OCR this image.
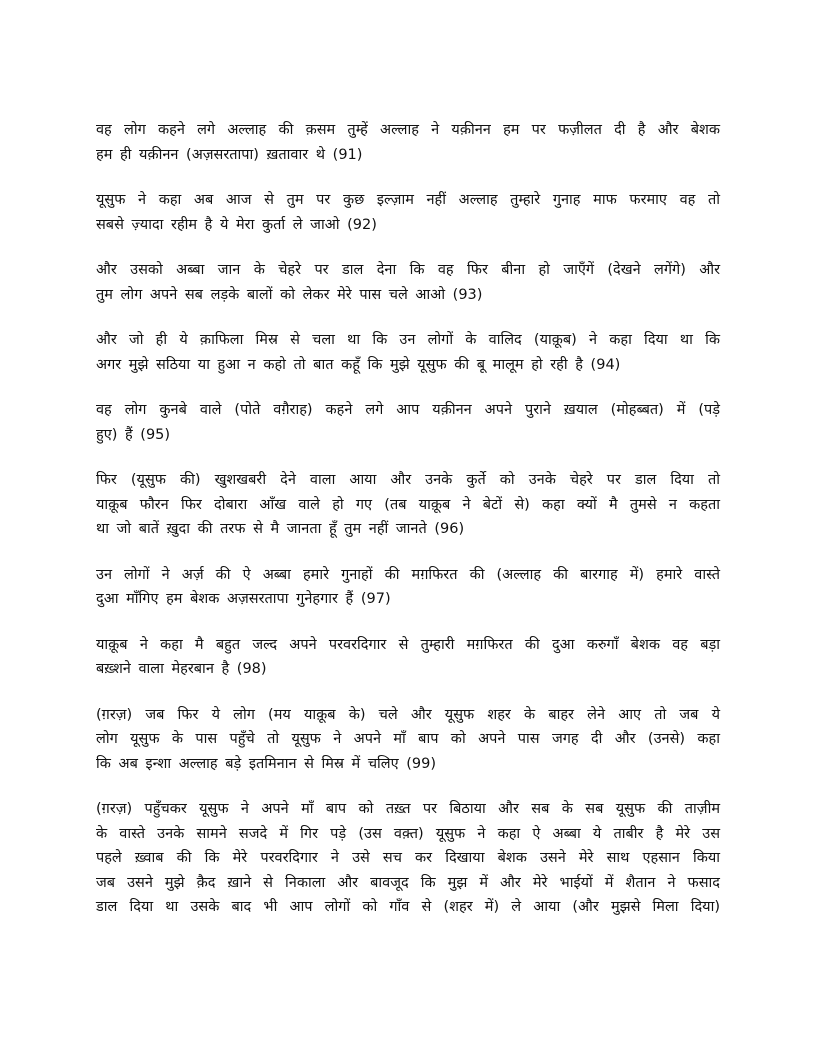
वह लोग कहने लगे अल्लाह की क़सम तुम्हें अल्लाह ने यक़ीनन हम पर फज़ीलत दी है और बेशक
हम ही यक़ीनन (अज़सरतापा) ख़तावार थे (91)

यूसुफ ने कहा अब आज से तुम पर कुछ इल्ज़ाम नहीं अल्लाह तुम्हारे गुनाह माफ फरमाए वह तो
सबसे ज़्यादा रहीम है ये मेरा कुर्ता ले जाओ (92)

और उसको अब्बा जान के चेहरे पर डाल देना कि वह फिर बीना हो जाएँगें (देखने लगेंगे) और
तुम लोग अपने सब लड़के बालों को लेकर मेरे पास चले आओ (93)

और जो ही ये क़ाफिला मिस्र से चला था कि उन लोगों के वालिद (याक़ूब) ने कहा दिया था कि
अगर मुझे सठिया या हुआ न कहो तो बात कहूँ कि मुझे यूसुफ की बू मालूम हो रही है (94)

वह लोग कुनबे वाले (पोते वग़ैराह) कहने लगे आप यक़ीनन अपने पुराने ख़याल (मोहब्बत) में (पड़े
हुए) हैं (95)

फिर (यूसुफ की) खुशखबरी देने वाला आया और उनके कुर्ते को उनके चेहरे पर डाल दिया तो
याक़ूब फौरन फिर दोबारा आँख वाले हो गए (तब याक़ूब ने बेटों से) कहा क्यों मै तुमसे न कहता
था जो बातें ख़ुदा की तरफ से मै जानता हूँ तुम नहीं जानते (96)

उन लोगों ने अर्ज़ की ऐ अब्बा हमारे गुनाहों की मग़फिरत की (अल्लाह की बारगाह में) हमारे वास्ते
दुआ माँगिए हम बेशक अज़सरतापा गुनेहगार हैं (97)

याक़ूब ने कहा मै बहुत जल्द अपने परवरदिगार से तुम्हारी मग़फिरत की दुआ करुगाँ बेशक वह बड़ा
बख़्शने वाला मेहरबान है (98)

(ग़रज़) जब फिर ये लोग (मय याक़ूब के) चले और यूसुफ शहर के बाहर लेने आए तो जब ये
लोग यूसुफ के पास पहुँचे तो यूसुफ ने अपने माँ बाप को अपने पास जगह दी और (उनसे) कहा
कि अब इन्शा अल्लाह बड़े इतमिनान से मिस्र में चलिए (99)

(ग़रज़) पहुँचकर यूसुफ ने अपने माँ बाप को तख़्त पर बिठाया और सब के सब यूसुफ की ताज़ीम
के वास्ते उनके सामने सजदे में गिर पड़े (उस वक़्त) यूसुफ ने कहा ऐ अब्बा ये ताबीर है मेरे उस
पहले ख़्वाब की कि मेरे परवरदिगार ने उसे सच कर दिखाया बेशक उसने मेरे साथ एहसान किया
जब उसने मुझे क़ैद ख़ाने से निकाला और बावजूद कि मुझ में और मेरे भाईयों में शैतान ने फसाद
डाल दिया था उसके बाद भी आप लोगों को गाँव से (शहर में) ले आया (और मुझसे मिला दिया)
